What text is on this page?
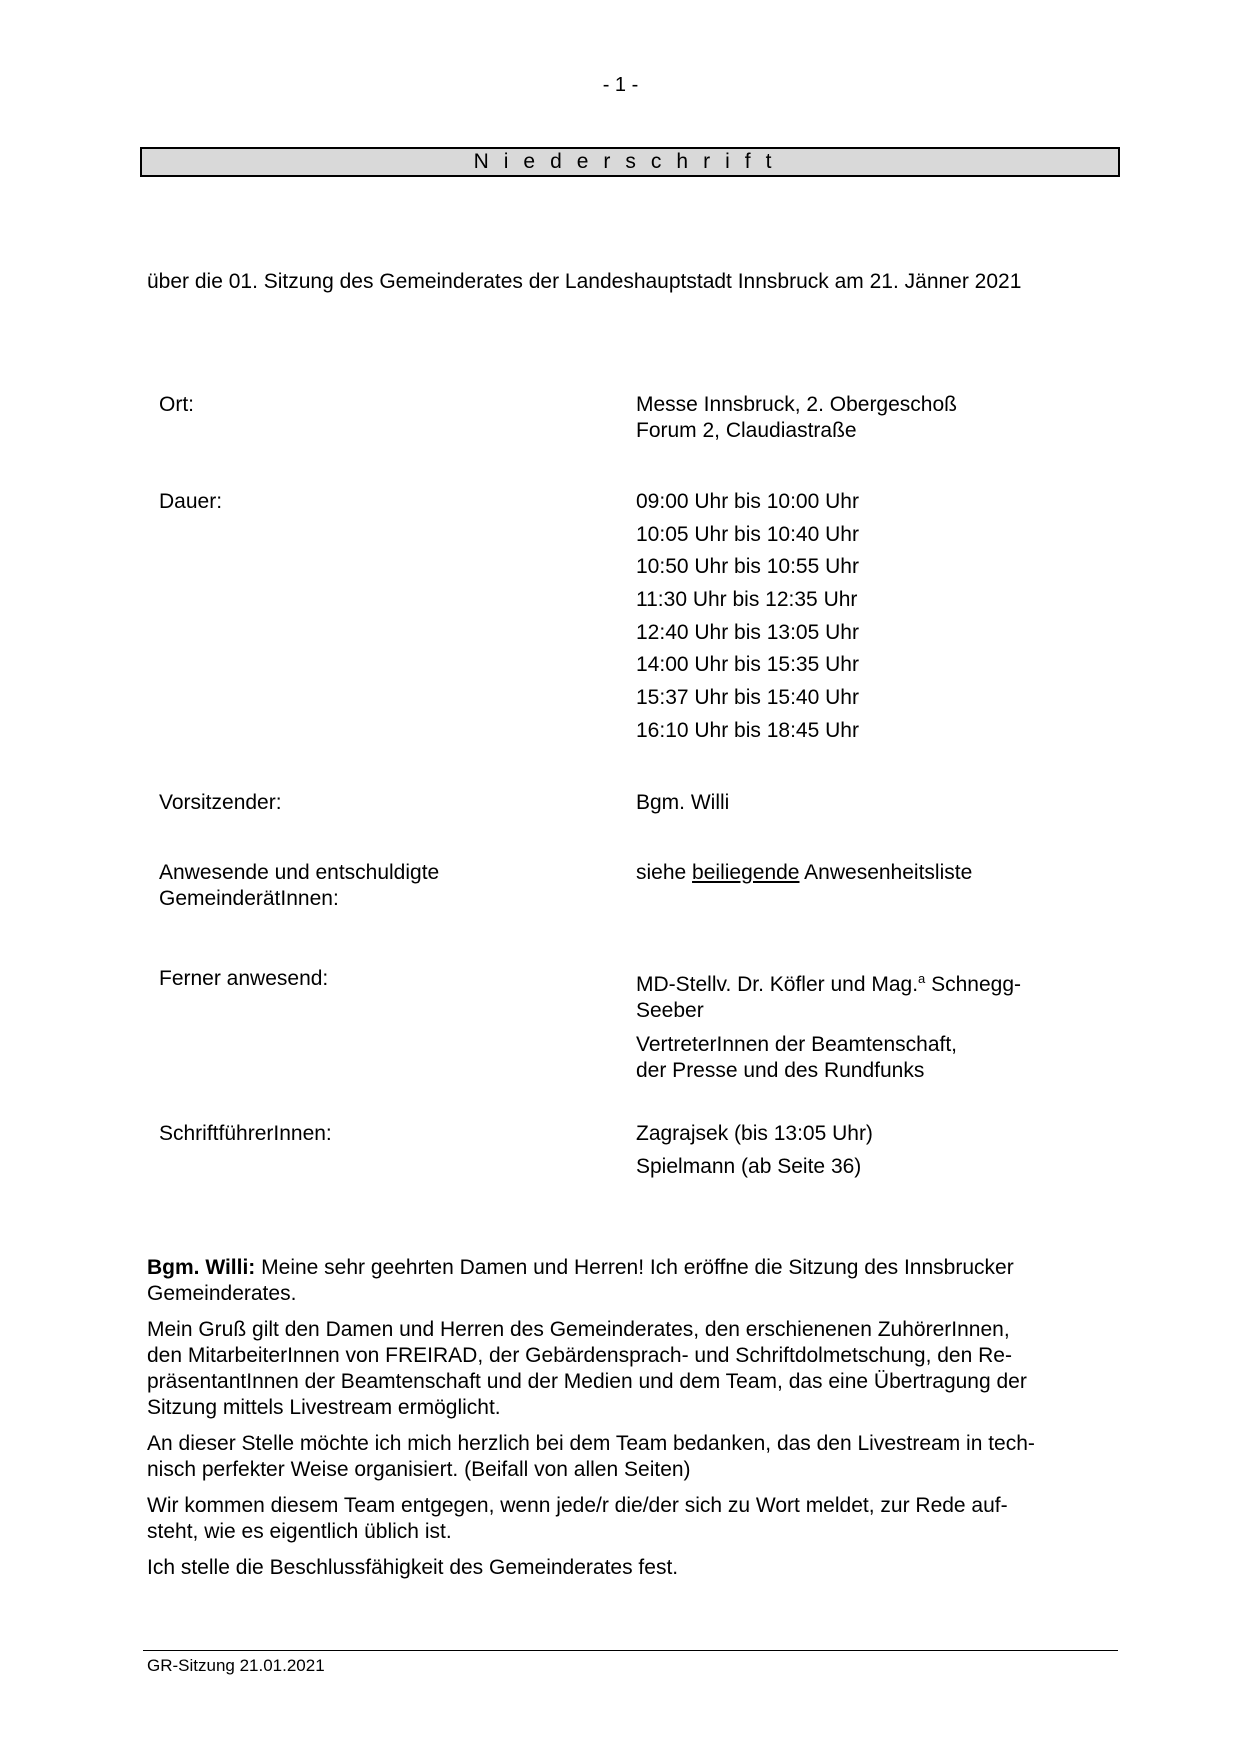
- 1 -
Niederschrift
über die 01. Sitzung des Gemeinderates der Landeshauptstadt Innsbruck am 21. Jänner 2021
Ort:	Messe Innsbruck, 2. Obergeschoß
Forum 2, Claudiastraße
Dauer:	09:00 Uhr bis 10:00 Uhr
10:05 Uhr bis 10:40 Uhr
10:50 Uhr bis 10:55 Uhr
11:30 Uhr bis 12:35 Uhr
12:40 Uhr bis 13:05 Uhr
14:00 Uhr bis 15:35 Uhr
15:37 Uhr bis 15:40 Uhr
16:10 Uhr bis 18:45 Uhr
Vorsitzender:	Bgm. Willi
Anwesende und entschuldigte
GemeinderätInnen:
siehe beiliegende Anwesenheitsliste
Ferner anwesend:	MD-Stellv. Dr. Köfler und Mag.$^a$ Schnegg-
Seeber
VertreterInnen der Beamtenschaft,
der Presse und des Rundfunks
SchriftführerInnen:	Zagrajsek (bis 13:05 Uhr)
Spielmann (ab Seite 36)

Bgm. Willi: Meine sehr geehrten Damen und Herren! Ich eröffne die Sitzung des Innsbrucker
Gemeinderates.

Mein Gruß gilt den Damen und Herren des Gemeinderates, den erschienenen ZuhörerInnen,
den MitarbeiterInnen von FREIRAD, der Gebärdensprach- und Schriftdolmetschung, den Re-
präsentantInnen der Beamtenschaft und der Medien und dem Team, das eine Übertragung der
Sitzung mittels Livestream ermöglicht.

An dieser Stelle möchte ich mich herzlich bei dem Team bedanken, das den Livestream in tech-
nisch perfekter Weise organisiert. (Beifall von allen Seiten)

Wir kommen diesem Team entgegen, wenn jede/r die/der sich zu Wort meldet, zur Rede auf-
steht, wie es eigentlich üblich ist.

Ich stelle die Beschlussfähigkeit des Gemeinderates fest.

GR-Sitzung 21.01.2021
